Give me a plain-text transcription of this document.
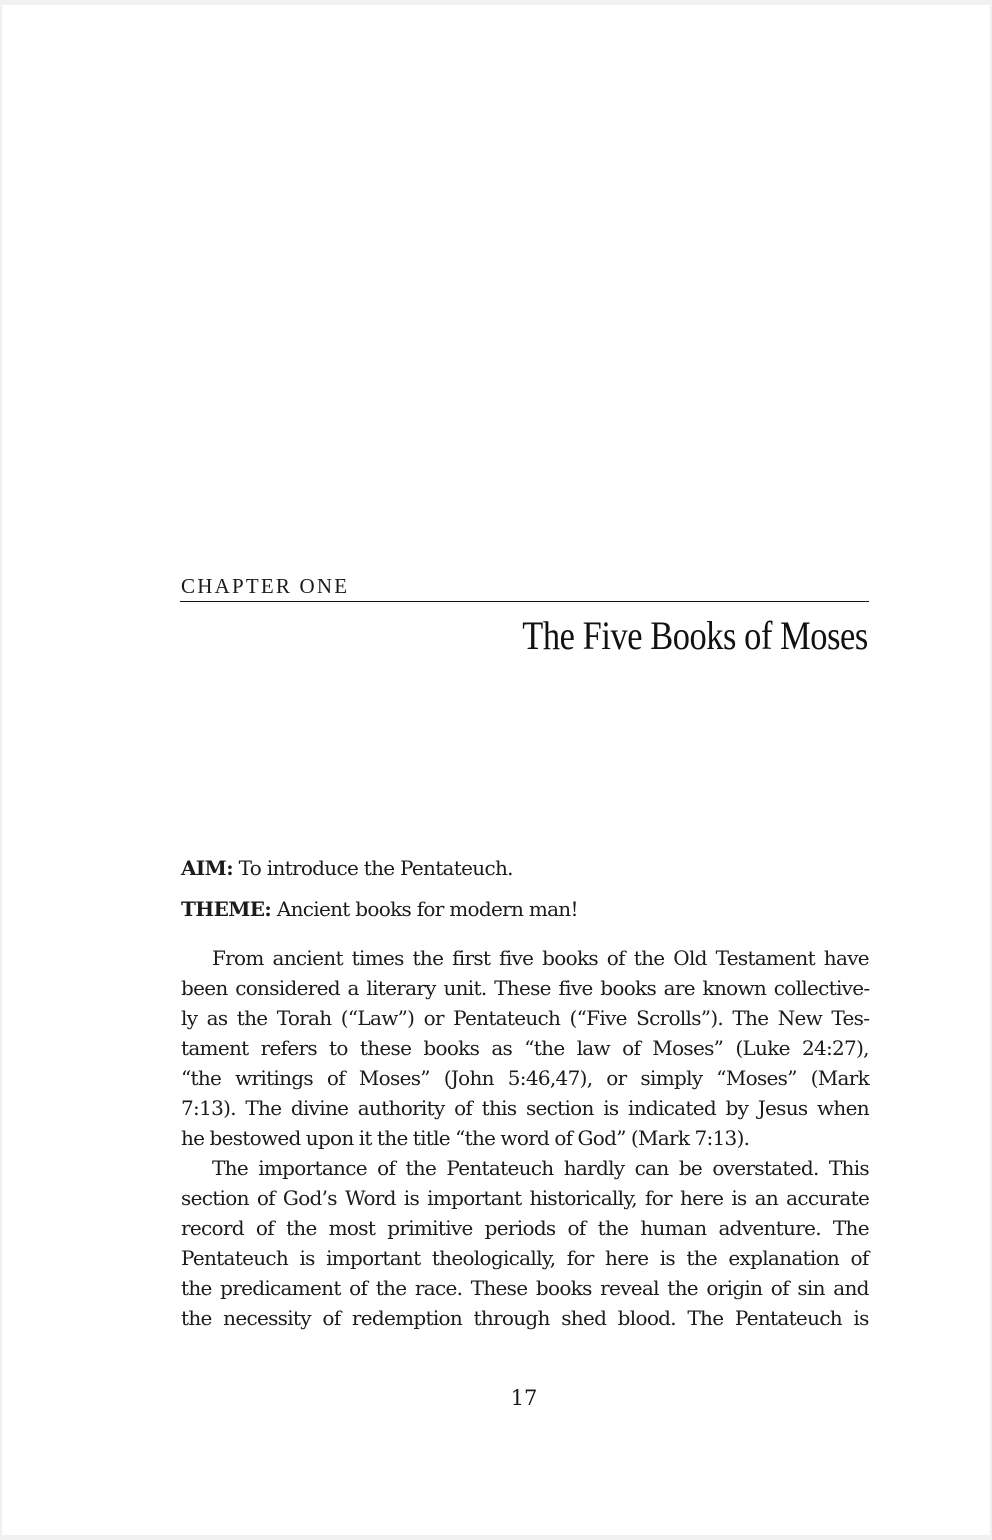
CHAPTER ONE
The Five Books of Moses
AIM: To introduce the Pentateuch.
THEME: Ancient books for modern man!
From ancient times the first five books of the Old Testament have
been considered a literary unit. These five books are known collective-
ly as the Torah (“Law”) or Pentateuch (“Five Scrolls”). The New Tes-
tament refers to these books as “the law of Moses” (Luke 24:27),
“the writings of Moses” (John 5:46,47), or simply “Moses” (Mark
7:13). The divine authority of this section is indicated by Jesus when
he bestowed upon it the title “the word of God” (Mark 7:13).
The importance of the Pentateuch hardly can be overstated. This
section of God’s Word is important historically, for here is an accurate
record of the most primitive periods of the human adventure. The
Pentateuch is important theologically, for here is the explanation of
the predicament of the race. These books reveal the origin of sin and
the necessity of redemption through shed blood. The Pentateuch is
17
